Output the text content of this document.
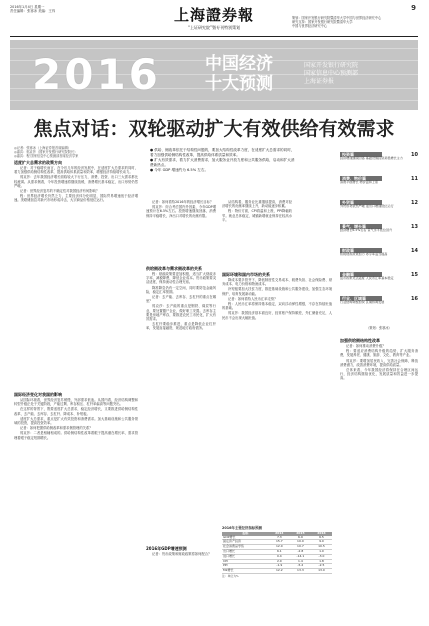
2016年1月4日 星期一
责任编辑：张寒冰 美编：王茸	9
上海證券報
“上证研究院”暨专刊特别策划
策划：国家开发银行研究院暨清华大学中国与世界经济研究中心
研究支持：国家开发银行研究院暨清华大学
中国与世界经济研究中心
2016	中国经济
十大预测
国家开发银行研究院
国家信息中心预测部
上海证券报
焦点对话：双轮驱动扩大有效供给有效需求
◎记者：张寒冰（上海证券报首席编辑）
◎嘉宾：郭克莎（国家开发银行研究院院长）
◎嘉宾：程 国家信息中心预测部首席经济学家
● 供给、侧改革依托于结构性问题的，要加大结构性改革力度，在适度扩大总需求的同时，着力加强供给侧结构性改革，提高供给体系质量和效率。
● 扩大有效需求，着力扩大消费需求，加大服务业开放力度和公共服务供给，启动和扩大消费新热点。
● 今年 GDP 增速约为 6.5% 左右。
适度扩大总需求的政策方向

记者：对于稳增长而言，在今后几年的经济发展中，在适度扩大总需求的同时，着力加强供给侧结构性改革，提高供给体系质量和效率，增强经济持续增长动力。

郭克莎：去年我国经济增长面临较大下行压力，消费、投资、出口三大需求都比较疲弱。从需求侧看，今年投资增速将继续放缓，消费增长基本稳定，出口形势仍然严峻。

记者：世界经济复苏的不确定性对我国经济有何影响？

程：世界经济增长仍然乏力，主要经济体分化明显，国际贸易增速低于经济增速。美联储加息对新兴市场形成冲击，大宗商品价格低位运行。

国际经济变化对我国的影响

从国际环境看，世界经济复苏缓慢，外部需求低迷。从国内看，经济结构调整和转型升级正处于关键阶段，产能过剩、库存积压、杠杆率偏高等问题突出。

在这样的背景下，既要适度扩大总需求，稳定经济增长，又要推进供给侧结构性改革，去产能、去库存、去杠杆、降成本、补短板。

适度扩大总需求，重点是扩大有效投资和消费需求。加大基础设施和公共服务领域的投资，提高投资效率。

记者：如何把握供给侧改革和需求侧管理的关系？

郭克莎：二者是相辅相成的。供给侧结构性改革着眼于提高潜在增长率，需求管理着眼于稳定短期增长。

供给侧改革与需求侧改革的关系

记者：如何看待2016年的经济增长目标？

郭克莎：综合考虑国内外因素，今年GDP增速预计在6.5%左右。投资增速继续回落，消费保持平稳增长，净出口对增长的贡献有限。

从结构看，服务业比重继续提高，消费对经济增长的贡献率继续上升，新动能逐步积累。

程：物价方面，CPI将温和上涨，PPI降幅收窄。就业总体稳定，城镇新增就业保持在较高水平。

程：财政政策要更加积极，适当扩大财政赤字率，减税降费，降低企业成本。货币政策要灵活适度，保持流动性合理充裕。

降准降息仍有一定空间，同时要防范金融风险，稳定汇率预期。

记者：去产能、去库存、去杠杆的重点在哪里？

郭克莎：去产能的重点是钢铁、煤炭等行业，要处置僵尸企业，做好职工安置。去库存主要是房地产库存，要推进农民工市民化，扩大有效需求。

去杠杆要稳步推进，重点是降低企业杠杆率，发展直接融资，规范地方政府债务。

2016年GDP增速预测

记者：货币政策和财政政策将如何配合？

国际环境和国内市场的关系

降成本要多管齐下，降低制度性交易成本、税费负担、社会保险费、财务成本、电力价格和物流成本。

补短板要加大扶贫力度，推进基础设施和公共服务建设，加强生态环境保护，培育发展新动能。

记者：如何看待人民币汇率走势？

程：人民币汇率将保持基本稳定，双向浮动弹性增强，不存在持续贬值的基础。

郭克莎：我国经济基本面良好，经常账户保持顺差，外汇储备充足，人民币不会出现大幅贬值。

2016年主要经济指标预测
指标	2014	2015	2016
GDP增长	7.3	6.9	6.5
固定资产投资	15.7	10.0	9.0
社会消费品零售	12.0	10.7	10.5
出口增长	6.1	-2.8	1.0
进口增长	0.4	-14.1	-3.0
CPI	2.0	1.4	1.8
PPI	-1.9	-5.2	-2.5
M2增长	12.2	13.3	13.0
注：单位为%
加强供给侧结构性改革

记者：如何推动消费升级？

程：要适应消费结构升级的趋势，扩大服务消费，发展养老、健康、旅游、文化、教育等产业。

郭克莎：要增加居民收入，完善社会保障，释放消费潜力，改善消费环境，提高供给质量。

总体来看，今年我国经济将保持在合理区间运行，经济结构继续优化，发展质量和效益进一步提高。

投资篇	10
投资增速继续回落 基础设施投资是稳增长主力
消费、物价篇	11
消费平稳增长 物价温和上涨
外贸篇	12
外贸形势依然严峻 进出口增速低位运行
景气、增长篇	13
经济增长6.5%左右 景气水平低位回升
财政篇	14
积极财政政策加力 赤字率适当提高
金融篇	15
货币政策灵活适度 人民币汇率基本稳定
行业、区域篇	16
行业结构调整加快 区域协调发展
（策划：张寒冰）
